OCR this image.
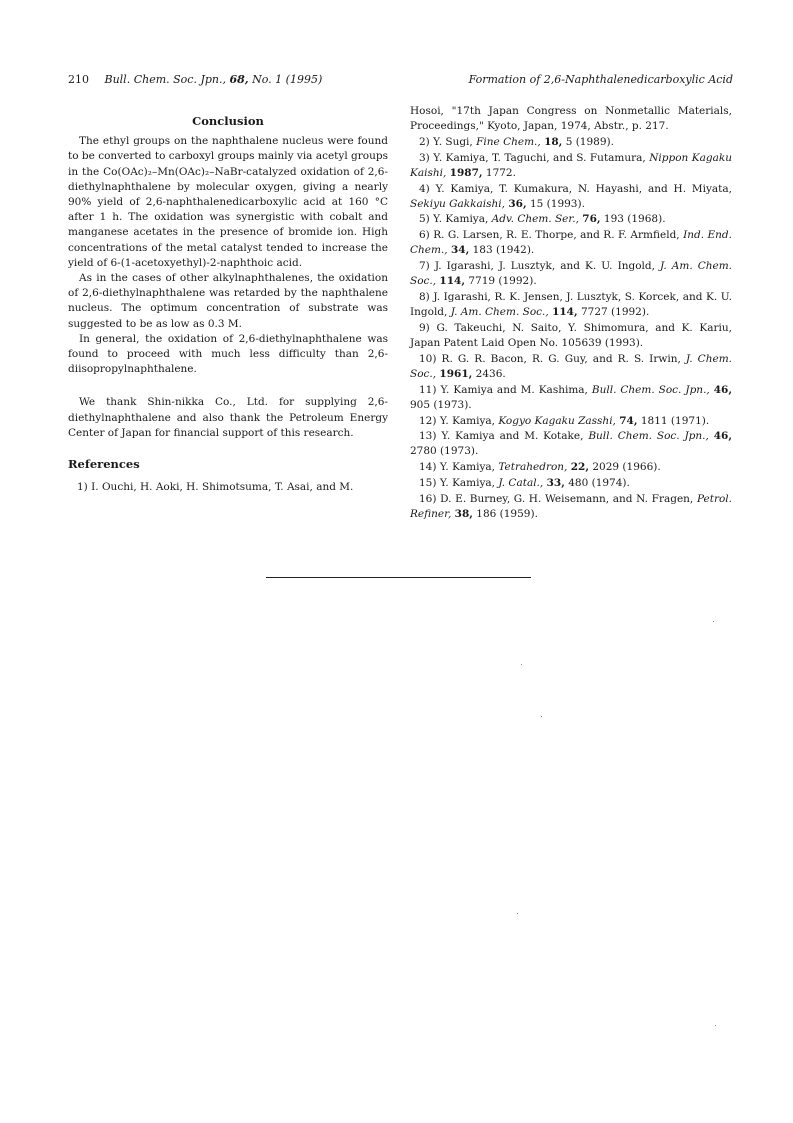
210 Bull. Chem. Soc. Jpn., 68, No. 1 (1995)	Formation of 2,6-Naphthalenedicarboxylic Acid
Conclusion

The ethyl groups on the naphthalene nucleus were found to be converted to carboxyl groups mainly via acetyl groups in the Co(OAc)₂–Mn(OAc)₂–NaBr-catalyzed oxidation of 2,6-diethylnaphthalene by molecular oxygen, giving a nearly 90% yield of 2,6-naphthalenedicarboxylic acid at 160 °C after 1 h. The oxidation was synergistic with cobalt and manganese acetates in the presence of bromide ion. High concentrations of the metal catalyst tended to increase the yield of 6-(1-acetoxyethyl)-2-naphthoic acid.

As in the cases of other alkylnaphthalenes, the oxidation of 2,6-diethylnaphthalene was retarded by the naphthalene nucleus. The optimum concentration of substrate was suggested to be as low as 0.3 M.

In general, the oxidation of 2,6-diethylnaphthalene was found to proceed with much less difficulty than 2,6-diisopropylnaphthalene.

We thank Shin-nikka Co., Ltd. for supplying 2,6-diethylnaphthalene and also thank the Petroleum Energy Center of Japan for financial support of this research.

References
1) I. Ouchi, H. Aoki, H. Shimotsuma, T. Asai, and M.
Hosoi, "17th Japan Congress on Nonmetallic Materials, Proceedings," Kyoto, Japan, 1974, Abstr., p. 217.
2) Y. Sugi, Fine Chem., 18, 5 (1989).
3) Y. Kamiya, T. Taguchi, and S. Futamura, Nippon Kagaku Kaishi, 1987, 1772.
4) Y. Kamiya, T. Kumakura, N. Hayashi, and H. Miyata, Sekiyu Gakkaishi, 36, 15 (1993).
5) Y. Kamiya, Adv. Chem. Ser., 76, 193 (1968).
6) R. G. Larsen, R. E. Thorpe, and R. F. Armfield, Ind. End. Chem., 34, 183 (1942).
7) J. Igarashi, J. Lusztyk, and K. U. Ingold, J. Am. Chem. Soc., 114, 7719 (1992).
8) J. Igarashi, R. K. Jensen, J. Lusztyk, S. Korcek, and K. U. Ingold, J. Am. Chem. Soc., 114, 7727 (1992).
9) G. Takeuchi, N. Saito, Y. Shimomura, and K. Kariu, Japan Patent Laid Open No. 105639 (1993).
10) R. G. R. Bacon, R. G. Guy, and R. S. Irwin, J. Chem. Soc., 1961, 2436.
11) Y. Kamiya and M. Kashima, Bull. Chem. Soc. Jpn., 46, 905 (1973).
12) Y. Kamiya, Kogyo Kagaku Zasshi, 74, 1811 (1971).
13) Y. Kamiya and M. Kotake, Bull. Chem. Soc. Jpn., 46, 2780 (1973).
14) Y. Kamiya, Tetrahedron, 22, 2029 (1966).
15) Y. Kamiya, J. Catal., 33, 480 (1974).
16) D. E. Burney, G. H. Weisemann, and N. Fragen, Petrol. Refiner, 38, 186 (1959).
